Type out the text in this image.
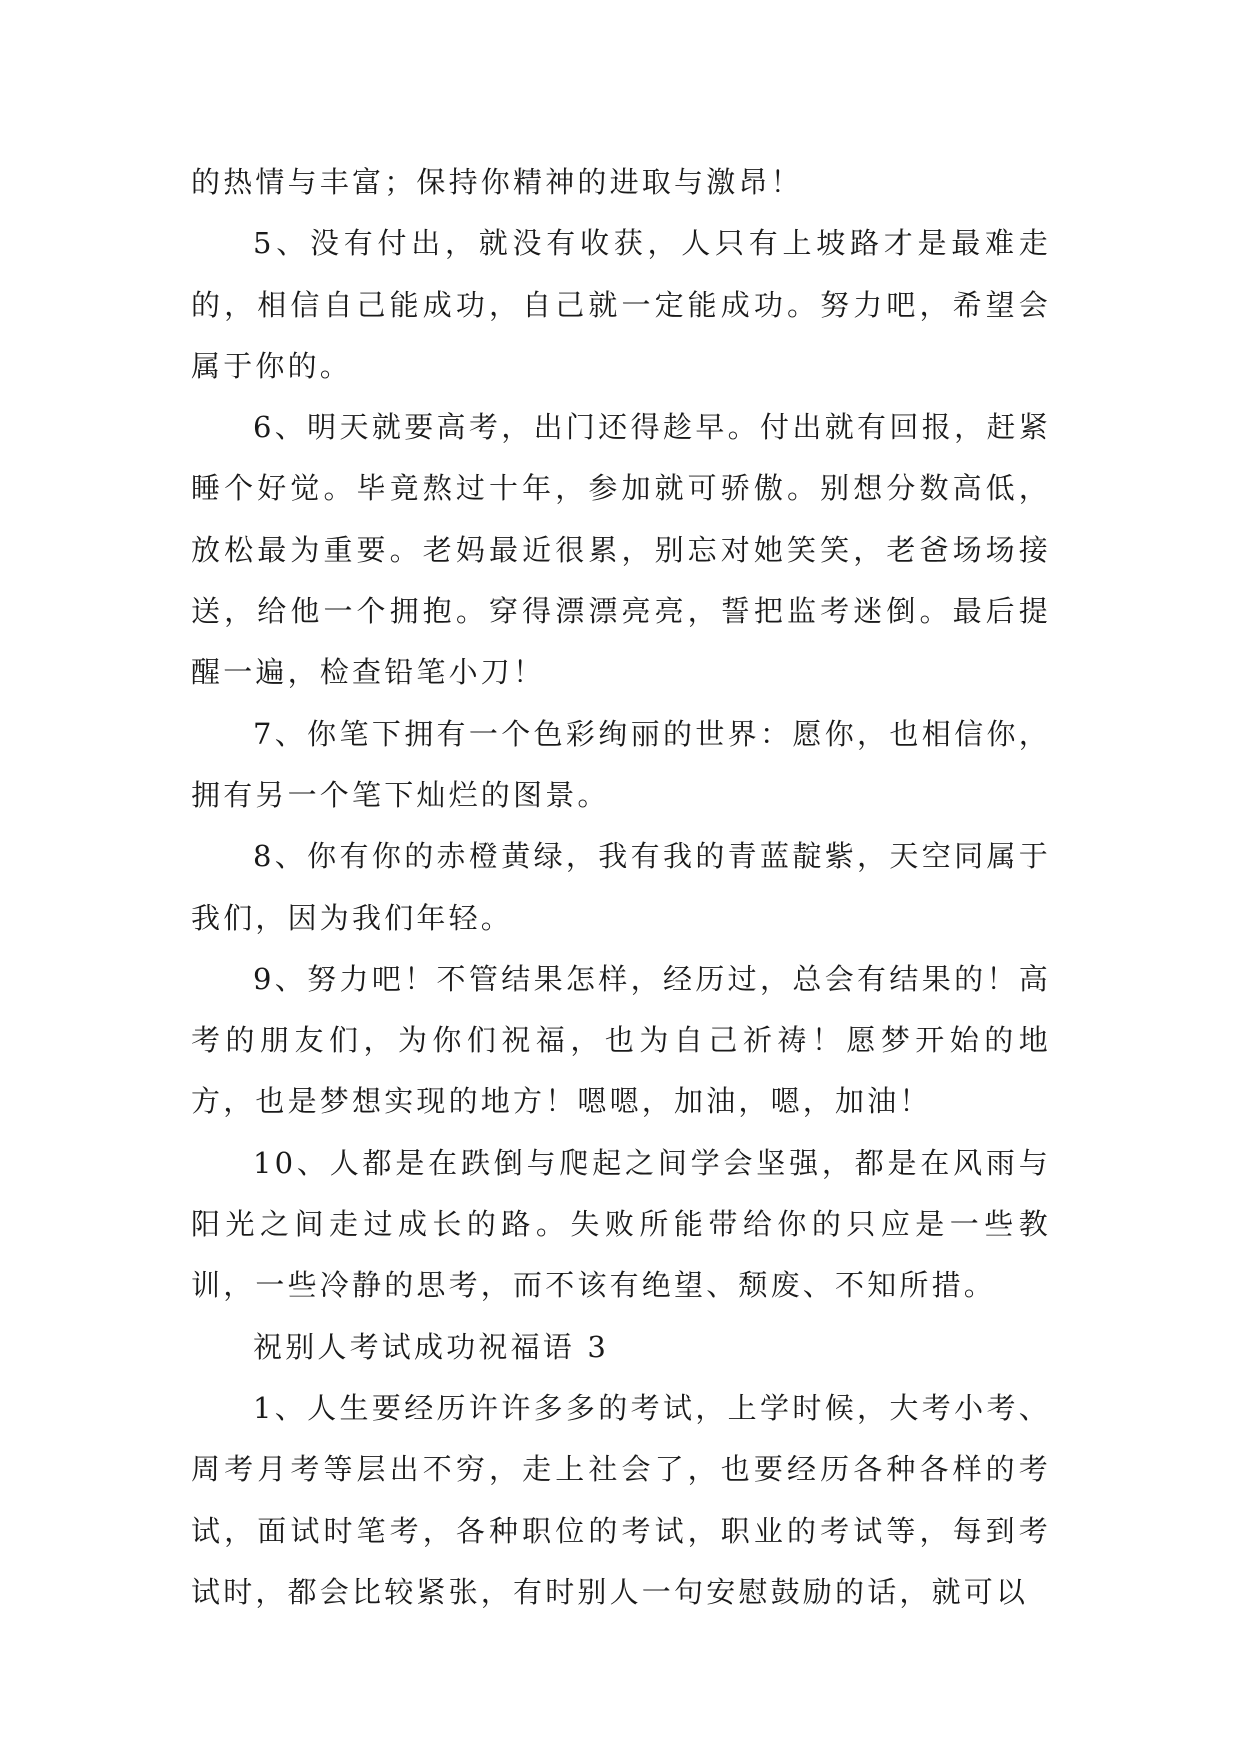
的热情与丰富；保持你精神的进取与激昂！

5、没有付出，就没有收获，人只有上坡路才是最难走的，相信自己能成功，自己就一定能成功。努力吧，希望会属于你的。

6、明天就要高考，出门还得趁早。付出就有回报，赶紧睡个好觉。毕竟熬过十年，参加就可骄傲。别想分数高低，放松最为重要。老妈最近很累，别忘对她笑笑，老爸场场接送，给他一个拥抱。穿得漂漂亮亮，誓把监考迷倒。最后提醒一遍，检查铅笔小刀！

7、你笔下拥有一个色彩绚丽的世界：愿你，也相信你，拥有另一个笔下灿烂的图景。

8、你有你的赤橙黄绿，我有我的青蓝靛紫，天空同属于我们，因为我们年轻。

9、努力吧！不管结果怎样，经历过，总会有结果的！高考的朋友们，为你们祝福，也为自己祈祷！愿梦开始的地方，也是梦想实现的地方！嗯嗯，加油，嗯，加油！

10、人都是在跌倒与爬起之间学会坚强，都是在风雨与阳光之间走过成长的路。失败所能带给你的只应是一些教训，一些冷静的思考，而不该有绝望、颓废、不知所措。

祝别人考试成功祝福语 3

1、人生要经历许许多多的考试，上学时候，大考小考、周考月考等层出不穷，走上社会了，也要经历各种各样的考试，面试时笔考，各种职位的考试，职业的考试等，每到考试时，都会比较紧张，有时别人一句安慰鼓励的话，就可以
